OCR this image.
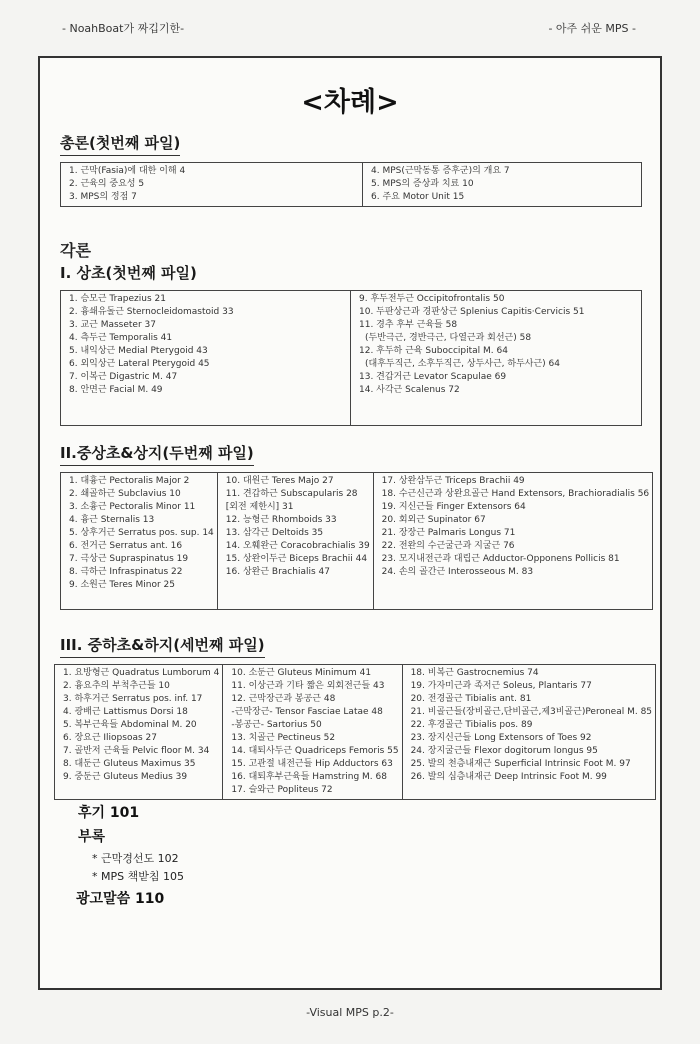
- NoahBoat가 짜깁기한-	- 아주 쉬운 MPS -
<차례>
총론(첫번째 파일)
1. 근막(Fasia)에 대한 이해 4
2. 근육의 중요성 5
3. MPS의 정점 7

4. MPS(근막동통 증후군)의 개요 7
5. MPS의 증상과 치료 10
6. 주요 Motor Unit 15
각론
I. 상초(첫번째 파일)
1. 승모근 Trapezius 21
2. 흉쇄유돌근 Sternocleidomastoid 33
3. 교근 Masseter 37
4. 측두근 Temporalis 41
5. 내익상근 Medial Pterygoid 43
6. 외익상근 Lateral Pterygoid 45
7. 이복근 Digastric M. 47
8. 안면근 Facial M. 49

9. 후두전두근 Occipitofrontalis 50
10. 두판상근과 경판상근 Splenius Capitis·Cervicis 51
11. 경추 후부 근육들 58
(두반극근, 경반극근, 다열근과 회선근) 58
12. 후두하 근육 Suboccipital M. 64
(대후두직근, 소후두직근, 상두사근, 하두사근) 64
13. 견갑거근 Levator Scapulae 69
14. 사각근 Scalenus 72
II.중상초&상지(두번째 파일)
1. 대흉근 Pectoralis Major 2
2. 쇄골하근 Subclavius 10
3. 소흉근 Pectoralis Minor 11
4. 흉근 Sternalis 13
5. 상후거근 Serratus pos. sup. 14
6. 전거근 Serratus ant. 16
7. 극상근 Supraspinatus 19
8. 극하근 Infraspinatus 22
9. 소원근 Teres Minor 25

10. 대원근 Teres Majo 27
11. 견갑하근 Subscapularis 28
[외전 제한시] 31
12. 능형근 Rhomboids 33
13. 삼각근 Deltoids 35
14. 오훼완근 Coracobrachialis 39
15. 상완이두근 Biceps Brachii 44
16. 상완근 Brachialis 47

17. 상완삼두근 Triceps Brachii 49
18. 수근신근과 상완요골근 Hand Extensors, Brachioradialis 56
19. 지신근들 Finger Extensors 64
20. 회외근 Supinator 67
21. 장장근 Palmaris Longus 71
22. 전완의 수근굴근과 지굴근 76
23. 모지내전근과 대립근 Adductor-Opponens Pollicis 81
24. 손의 골간근 Interosseous M. 83
III. 중하초&하지(세번째 파일)
1. 요방형근 Quadratus Lumborum 4
2. 흉요추의 부척추근들 10
3. 하후거근 Serratus pos. inf. 17
4. 광배근 Lattismus Dorsi 18
5. 복부근육들 Abdominal M. 20
6. 장요근 Iliopsoas 27
7. 골반저 근육들 Pelvic floor M. 34
8. 대둔근 Gluteus Maximus 35
9. 중둔근 Gluteus Medius 39

10. 소둔근 Gluteus Minimum 41
11. 이상근과 기타 짧은 외회전근들 43
12. 근막장근과 봉공근 48
-근막장근- Tensor Fasciae Latae 48
-봉공근- Sartorius 50
13. 치골근 Pectineus 52
14. 대퇴사두근 Quadriceps Femoris 55
15. 고관절 내전근들 Hip Adductors 63
16. 대퇴후부근육들 Hamstring M. 68
17. 슬와근 Popliteus 72

18. 비복근 Gastrocnemius 74
19. 가자미근과 족저근 Soleus, Plantaris 77
20. 전경골근 Tibialis ant. 81
21. 비골근들(장비골근,단비골근,제3비골근)Peroneal M. 85
22. 후경골근 Tibialis pos. 89
23. 장지신근들 Long Extensors of Toes 92
24. 장지굴근들 Flexor dogitorum longus 95
25. 발의 천층내재근 Superficial Intrinsic Foot M. 97
26. 발의 심층내재근 Deep Intrinsic Foot M. 99
후기 101
부록
* 근막경선도 102
* MPS 책받침 105
광고말씀 110
-Visual MPS p.2-
